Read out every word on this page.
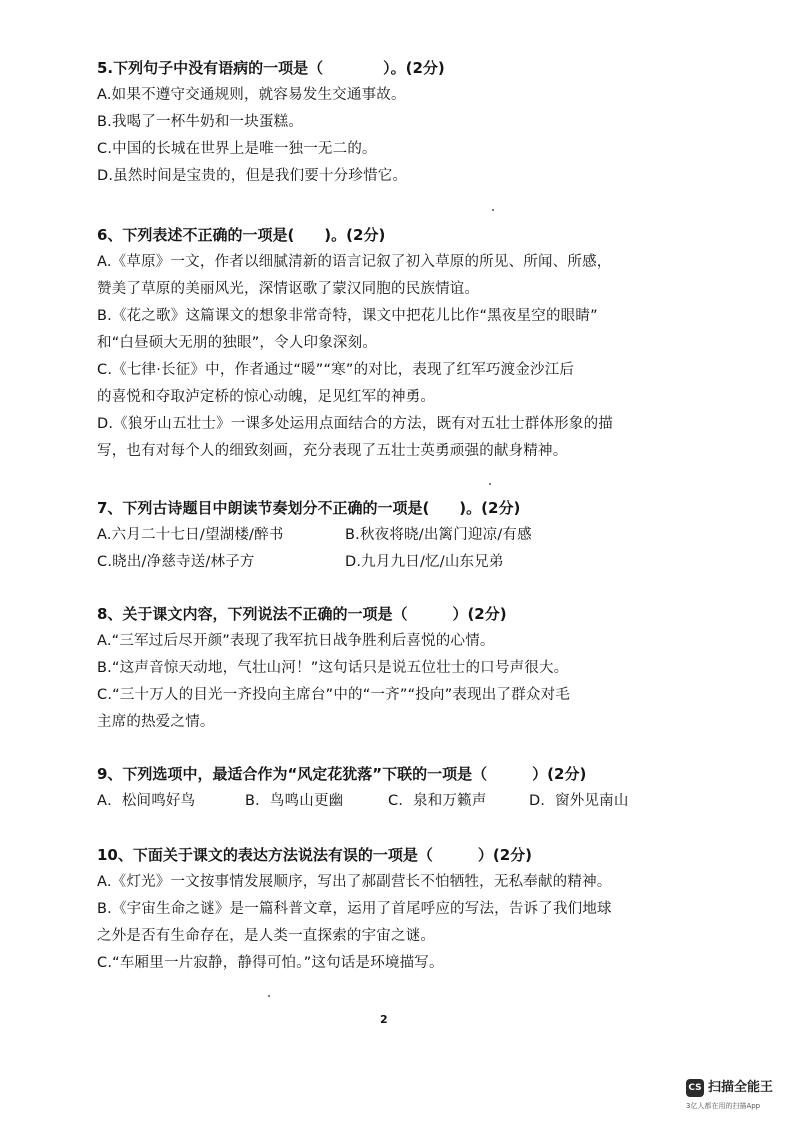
5.下列句子中没有语病的一项是（　　　　）。(2分)
A.如果不遵守交通规则，就容易发生交通事故。
B.我喝了一杯牛奶和一块蛋糕。
C.中国的长城在世界上是唯一独一无二的。
D.虽然时间是宝贵的，但是我们要十分珍惜它。
6、下列表述不正确的一项是(　　)。(2分)
A.《草原》一文，作者以细腻清新的语言记叙了初入草原的所见、所闻、所感，
赞美了草原的美丽风光，深情讴歌了蒙汉同胞的民族情谊。
B.《花之歌》这篇课文的想象非常奇特，课文中把花儿比作“黑夜星空的眼睛”
和“白昼硕大无朋的独眼”，令人印象深刻。
C.《七律·长征》中，作者通过“暖”“寒”的对比，表现了红军巧渡金沙江后
的喜悦和夺取泸定桥的惊心动魄，足见红军的神勇。
D.《狼牙山五壮士》一课多处运用点面结合的方法，既有对五壮士群体形象的描
写，也有对每个人的细致刻画，充分表现了五壮士英勇顽强的献身精神。
7、下列古诗题目中朗读节奏划分不正确的一项是(　　)。(2分)
A.六月二十七日/望湖楼/醉书	B.秋夜将晓/出篱门迎凉/有感
C.晓出/净慈寺送/林子方	D.九月九日/忆/山东兄弟
8、关于课文内容，下列说法不正确的一项是（　　　）(2分)
A.“三军过后尽开颜”表现了我军抗日战争胜利后喜悦的心情。
B.“这声音惊天动地，气壮山河！”这句话只是说五位壮士的口号声很大。
C.“三十万人的目光一齐投向主席台”中的“一齐”“投向”表现出了群众对毛
主席的热爱之情。
9、下列选项中，最适合作为“风定花犹落”下联的一项是（　　　）(2分)
A．松间鸣好鸟	B．鸟鸣山更幽	C．泉和万籁声	D．窗外见南山
10、下面关于课文的表达方法说法有误的一项是（　　　）(2分)
A.《灯光》一文按事情发展顺序，写出了郝副营长不怕牺牲，无私奉献的精神。
B.《宇宙生命之谜》是一篇科普文章，运用了首尾呼应的写法，告诉了我们地球
之外是否有生命存在，是人类一直探索的宇宙之谜。
C.“车厢里一片寂静，静得可怕。”这句话是环境描写。
2
CS 扫描全能王
3亿人都在用的扫描App
